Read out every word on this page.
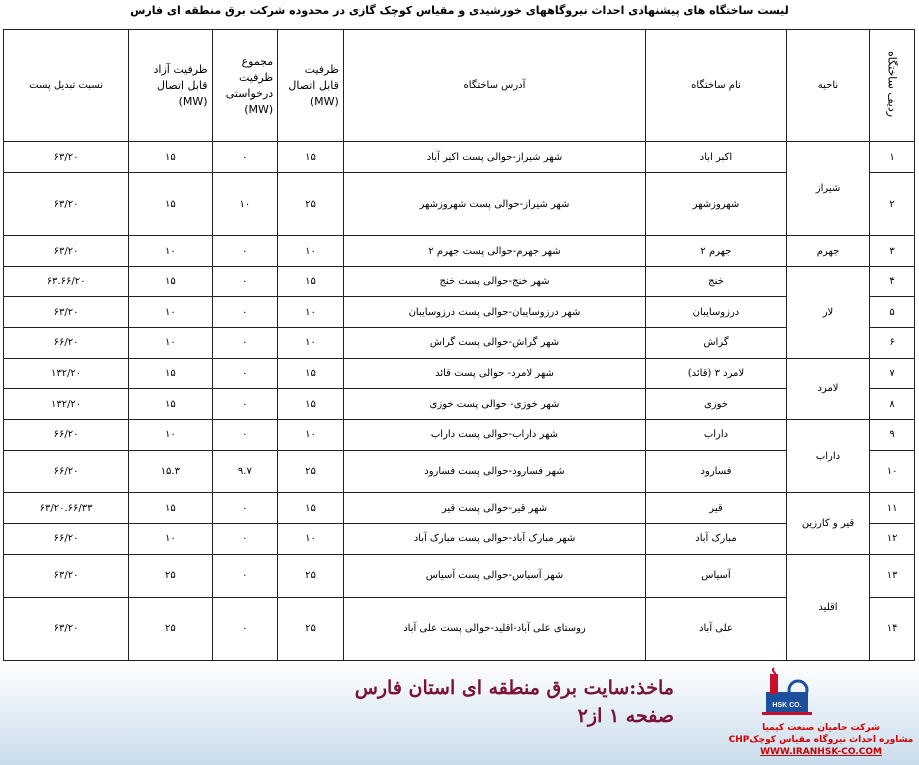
لیست ساختگاه های پیشنهادی احداث نیروگاههای خورشیدی و مقیاس کوچک گازی در محدوده شرکت برق منطقه ای فارس
ردیف ساختگاه	ناحیه	نام ساختگاه	آدرس ساختگاه	ظرفیت قابل اتصال (MW)	مجموع ظرفیت درخواستی (MW)	ظرفیت آزاد قابل اتصال (MW)	نسبت تبدیل پست
۱	شیراز	اکبر اباد	شهر شیراز-حوالی پست اکبر آباد	۱۵	۰	۱۵	۶۳/۲۰
۲		شهروزشهر	شهر شیراز-حوالی پست شهروزشهر	۲۵	۱۰	۱۵	۶۳/۲۰
۳	جهرم	جهرم ۲	شهر جهرم-حوالی پست جهرم ۲	۱۰	۰	۱۰	۶۳/۲۰
۴	لار	خنج	شهر خنج-حوالی پست خنج	۱۵	۰	۱۵	۶۳.۶۶/۲۰
۵		درزوسایبان	شهر درزوسایبان-حوالی پست درزوسایبان	۱۰	۰	۱۰	۶۳/۲۰
۶		گراش	شهر گراش-حوالی پست گراش	۱۰	۰	۱۰	۶۶/۲۰
۷	لامرد	لامرد ۳ (قائد)	شهر لامرد- حوالی پست قائد	۱۵	۰	۱۵	۱۳۲/۲۰
۸		خوزی	شهر خوزی- حوالی پست خوزی	۱۵	۰	۱۵	۱۳۲/۲۰
۹	داراب	داراب	شهر داراب-حوالی پست داراب	۱۰	۰	۱۰	۶۶/۲۰
۱۰		فسارود	شهر فسارود-حوالی پست فسارود	۲۵	۹.۷	۱۵.۳	۶۶/۲۰
۱۱	قیر و کارزین	قیر	شهر قیر-حوالی پست قیر	۱۵	۰	۱۵	۶۳/۲۰.۶۶/۳۳
۱۲		مبارک آباد	شهر مبارک آباد-حوالی پست مبارک آباد	۱۰	۰	۱۰	۶۶/۲۰
۱۳	اقلید	آسیاس	شهر آسیاس-حوالی پست آسیاس	۲۵	۰	۲۵	۶۳/۲۰
۱۴		علی آباد	روستای علی آباد-اقلید-حوالی پست علی آباد	۲۵	۰	۲۵	۶۳/۲۰
ماخذ:سایت برق منطقه ای استان فارس
صفحه ۱ از۲	HSK CO.
شرکت حامیان صنعت کیمیا
مشاوره احداث نیروگاه مقیاس کوچکCHP
WWW.IRANHSK-CO.COM
